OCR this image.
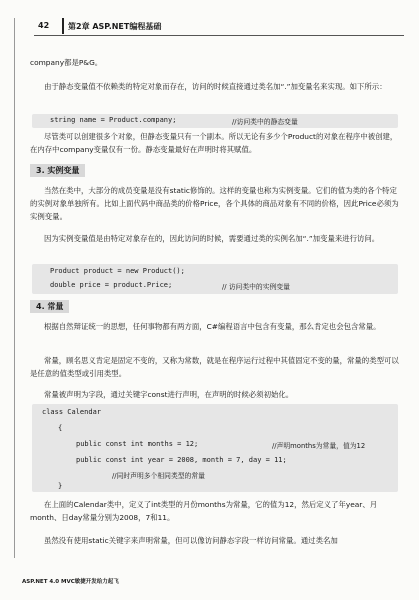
42 第2章 ASP.NET编程基础

company都是P&G。

由于静态变量值不依赖类的特定对象而存在，访问的时候直接通过类名加“.”加变量名来实现。如下所示：

string name = Product.company;	//访问类中的静态变量

尽管类可以创建很多个对象，但静态变量只有一个副本。所以无论有多少个Product的对象在程序中被创建，在内存中company变量仅有一份。静态变量最好在声明时将其赋值。

3. 实例变量

当然在类中，大部分的成员变量是没有static修饰的。这样的变量也称为实例变量。它们的值为类的各个特定的实例对象单独所有。比如上面代码中商品类的价格Price，各个具体的商品对象有不同的价格，因此Price必须为实例变量。

因为实例变量值是由特定对象存在的，因此访问的时候，需要通过类的实例名加“.”加变量来进行访问。

Product product = new Product();
double price = product.Price;	// 访问类中的实例变量
4. 常量

根据自然辩证统一的思想，任何事物都有两方面，C#编程语言中包含有变量，那么肯定也会包含常量。

常量，顾名思义肯定是固定不变的，又称为常数，就是在程序运行过程中其值固定不变的量，常量的类型可以是任意的值类型或引用类型。

常量被声明为字段，通过关键字const进行声明，在声明的时候必须初始化。

class Calendar
{
public const int months = 12;	//声明months为常量，值为12
public const int year = 2008, month = 7, day = 11;
//同时声明多个相同类型的常量
}

在上面的Calendar类中，定义了int类型的月份months为常量，它的值为12，然后定义了年year、月month、日day常量分别为2008，7和11。

虽然没有使用static关键字来声明常量，但可以像访问静态字段一样访问常量。通过类名加

ASP.NET 4.0 MVC敏捷开发给力起飞
